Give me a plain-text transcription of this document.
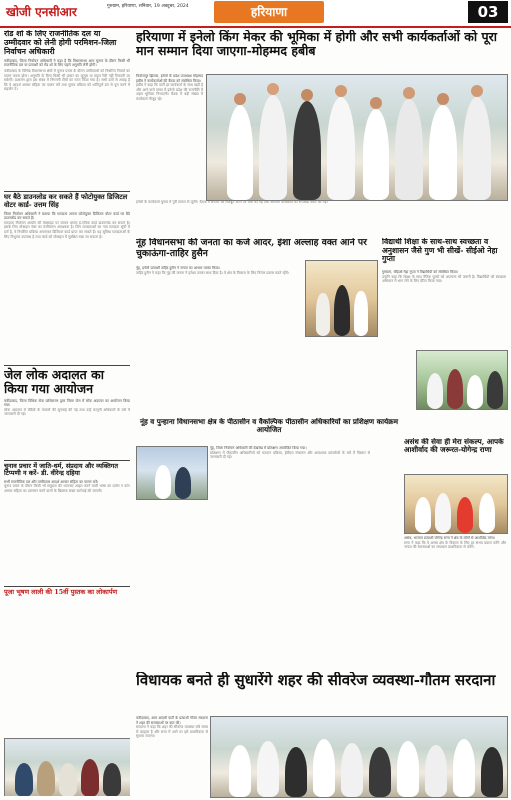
खोजी एनसीआर	गुरुग्राम, हरियाणा, शनिवार, 19 अक्टूबर, 2024	हरियाणा	03
रोड शो के लिए राजनीतिक दल या उम्मीदवार को लेनी होगी परमिशन-जिला निर्वाचन अधिकारी
फरीदाबाद, जिला निर्वाचन अधिकारी ने कहा है कि विधानसभा आम चुनाव के दौरान किसी भी राजनीतिक दल या प्रत्याशी को रोड शो के लिए पहले अनुमति लेनी होगी।
फरीदाबाद के विभिन्न विधानसभा क्षेत्रों में चुनाव प्रचार के दौरान उम्मीदवारों को निर्धारित नियमों का पालन करना होगा। अनुमति के बिना किसी भी प्रकार का जुलूस या वाहन रैली नहीं निकाली जा सकेगी। प्रशासन द्वारा इस संबंध में निगरानी टीमों का गठन किया गया है। सभी दलों से आग्रह है कि वे आदर्श आचार संहिता का पालन करें तथा चुनाव प्रक्रिया को शांतिपूर्ण ढंग से पूरा करने में सहयोग दें।
घर बैठे डाउनलोड कर सकते हैं फोटोयुक्त डिजिटल वोटर कार्ड- उत्तम सिंह
जिला निर्वाचन अधिकारी ने बताया कि मतदाता अपना फोटोयुक्त डिजिटल वोटर कार्ड घर बैठे डाउनलोड कर सकते हैं।
मतदाता निर्वाचन आयोग की वेबसाइट पर जाकर अपना ई-एपिक कार्ड डाउनलोड कर सकते हैं। इसके लिए मोबाइल नंबर का पंजीकरण आवश्यक है। जिन मतदाताओं का नाम मतदाता सूची में दर्ज है, वे निर्धारित प्रक्रिया अपनाकर डिजिटल कार्ड प्राप्त कर सकते हैं। यह सुविधा मतदाताओं के लिए निशुल्क उपलब्ध है तथा कार्ड को मोबाइल में सुरक्षित रखा जा सकता है।
जेल लोक अदालत का किया गया आयोजन
फरीदाबाद, जिला विधिक सेवा प्राधिकरण द्वारा जिला जेल में लोक अदालत का आयोजन किया गया।
लोक अदालत में बंदियों के मामलों की सुनवाई की गई तथा उन्हें कानूनी अधिकारों के बारे में जानकारी दी गई।
चुनाव प्रचार में जाति-धर्म, संप्रदाय और व्यक्तिगत टिप्पणी न करें- डी. वीरेन्द्र दहिया
सभी राजनीतिक दल और उम्मीदवार आदर्श आचार संहिता का पालन करें।
चुनाव प्रचार के दौरान किसी भी समुदाय की भावनाएं आहत करने वाली भाषा का प्रयोग न करें। आचार संहिता का उल्लंघन करने वालों के खिलाफ सख्त कार्रवाई की जाएगी।
पूजा भूषण लाली की 15वीं पुस्तक का लोकार्पण
हरियाणा में इनेलो किंग मेकर की भूमिका में होगी और सभी कार्यकर्ताओं को पूरा मान सम्मान दिया जाएगा-मोहम्मद हबीब
फिरोजपुर झिरका, इनेलो के प्रदेश उपाध्यक्ष मोहम्मद हबीब ने कार्यकर्ताओं की बैठक को संबोधित किया।
हबीब ने कहा कि पार्टी हर कार्यकर्ता के साथ खड़ी है और आने वाले समय में इनेलो प्रदेश की राजनीति में अहम भूमिका निभाएगी। बैठक में बड़ी संख्या में कार्यकर्ता मौजूद रहे।
इनेलो के कार्यकर्ता चुनाव में पूरी ताकत से जुटेंगे। बैठक में संगठन को मजबूत करने पर चर्चा की गई तथा आगामी कार्यक्रमों की रूपरेखा तैयार की गई।
नूंह विधानसभा की जनता का कर्ज आदर, इंशा अल्लाह वक्त आने पर चुकाऊंगा-ताहिर हुसैन
नूंह, इनेलो प्रत्याशी ताहिर हुसैन ने जनता का आभार व्यक्त किया।
ताहिर हुसैन ने कहा कि नूंह की जनता ने हमेशा उनका साथ दिया है। वे क्षेत्र के विकास के लिए निरंतर प्रयास करते रहेंगे।
विद्यार्थी शिक्षा के साथ-साथ स्वच्छता व अनुशासन जैसे गुण भी सीखें- सीईओ नेहा गुप्ता
गुरुग्राम, सीईओ नेहा गुप्ता ने विद्यार्थियों को संबोधित किया।
उन्होंने कहा कि शिक्षा के साथ नैतिक मूल्यों को अपनाना भी जरूरी है। विद्यार्थियों को स्वच्छता अभियान में भाग लेने के लिए प्रेरित किया गया।
नूंह व पुन्हाना विधानसभा क्षेत्र के पीठासीन व वैकल्पिक पीठासीन अधिकारियों का प्रशिक्षण कार्यक्रम आयोजित
नूंह, जिला निर्वाचन अधिकारी की देखरेख में प्रशिक्षण आयोजित किया गया।
प्रशिक्षण में पीठासीन अधिकारियों को मतदान प्रक्रिया, ईवीएम संचालन और आवश्यक दस्तावेजों के बारे में विस्तार से जानकारी दी गई।
असंध की सेवा ही मेरा संकल्प, आपके आशीर्वाद की जरूरत-योगेन्द्र राणा
असंध, भाजपा प्रत्याशी योगेन्द्र राणा ने क्षेत्र के लोगों से आशीर्वाद मांगा।
राणा ने कहा कि वे असंध क्षेत्र के विकास के लिए हर संभव प्रयास करेंगे और जनता की समस्याओं का समाधान प्राथमिकता से करेंगे।
विधायक बनते ही सुधारेंगे शहर की सीवरेज व्यवस्था-गौतम सरदाना
फरीदाबाद, आम आदमी पार्टी के प्रत्याशी गौतम सरदाना ने शहर की समस्याओं पर बात की।
सरदाना ने कहा कि शहर की सीवरेज व्यवस्था लंबे समय से बदहाल है और सत्ता में आने पर इसे प्राथमिकता से सुधारा जाएगा।
